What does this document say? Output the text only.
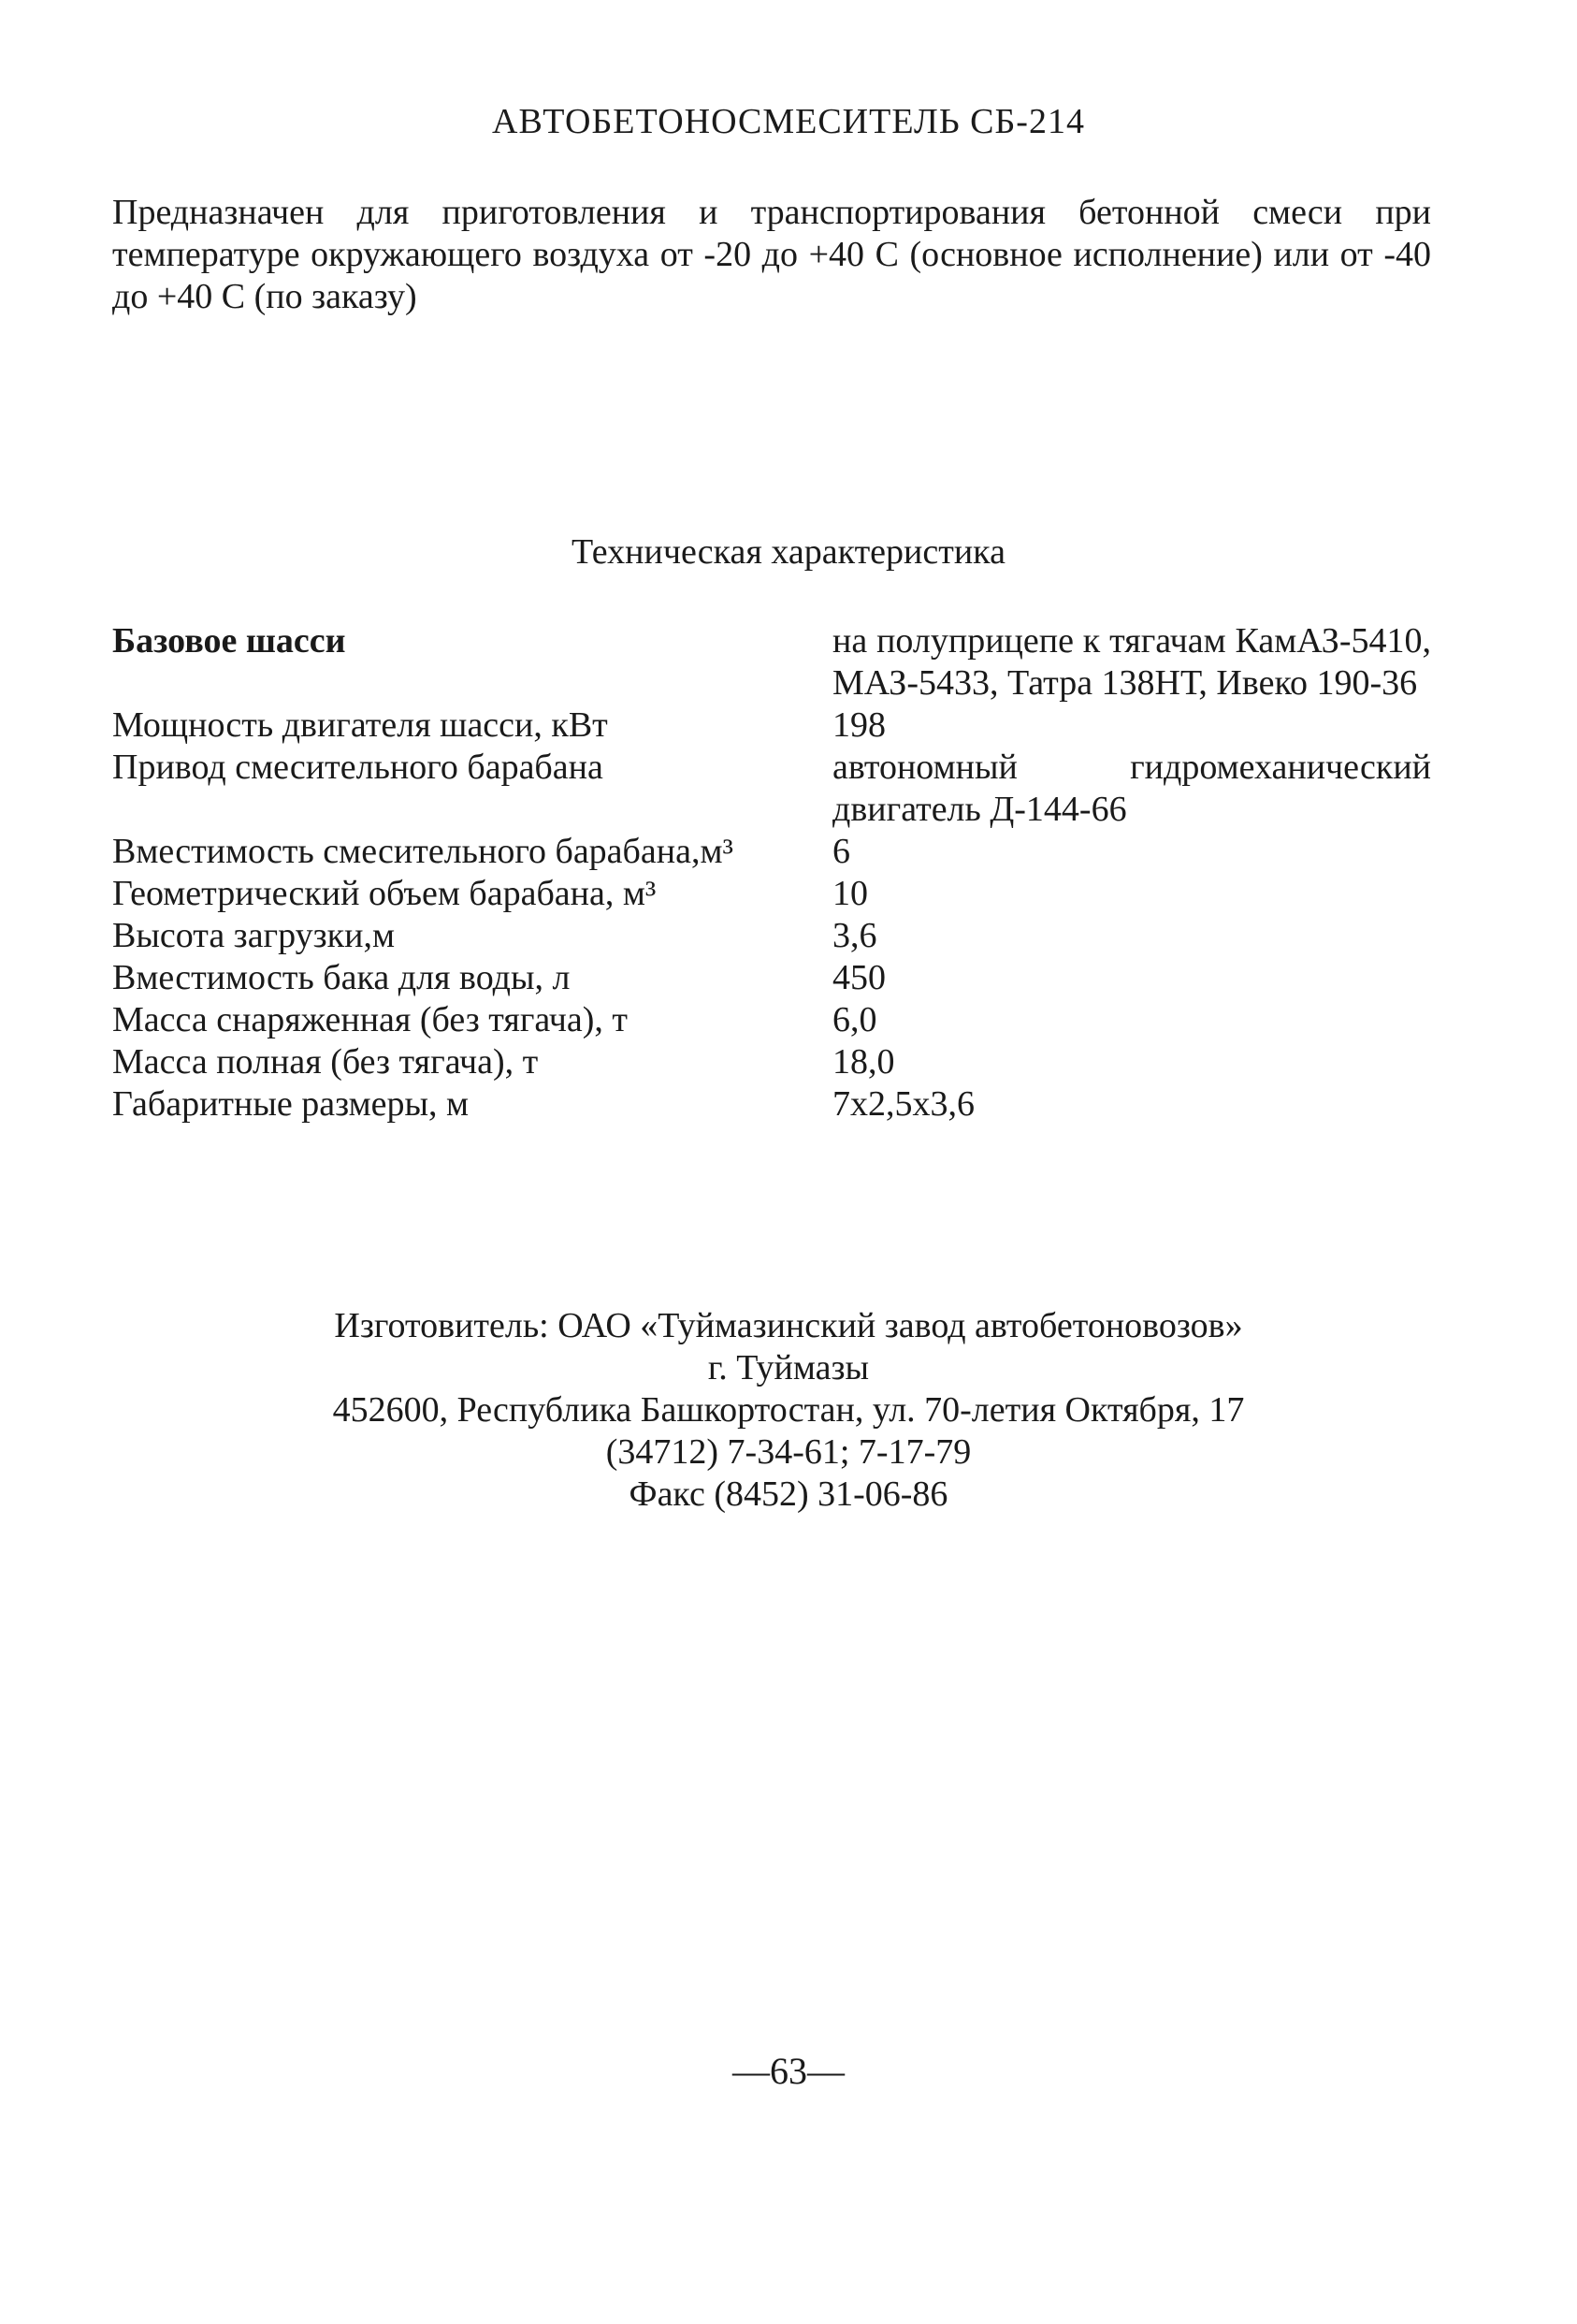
АВТОБЕТОНОСМЕСИТЕЛЬ СБ-214
Предназначен для приготовления и транспортирования бетонной смеси при температуре окружающего воздуха от -20 до +40 С (основное исполнение) или от -40 до +40 С (по заказу)
Техническая характеристика
Базовое шасси	на полуприцепе к тягачам КамАЗ-5410, МАЗ-5433, Татра 138НТ, Ивеко 190-36
Мощность двигателя шасси, кВт	198
Привод смесительного барабана	автономный гидромеханический двигатель Д-144-66
Вместимость смесительного барабана,м³	6
Геометрический объем барабана, м³	10
Высота загрузки,м	3,6
Вместимость бака для воды, л	450
Масса снаряженная (без тягача), т	6,0
Масса полная (без тягача), т	18,0
Габаритные размеры, м	7х2,5х3,6
Изготовитель: ОАО «Туймазинский завод автобетоновозов»
г. Туймазы
452600, Республика Башкортостан, ул. 70-летия Октября, 17
(34712) 7-34-61; 7-17-79
Факс (8452) 31-06-86
—63—
